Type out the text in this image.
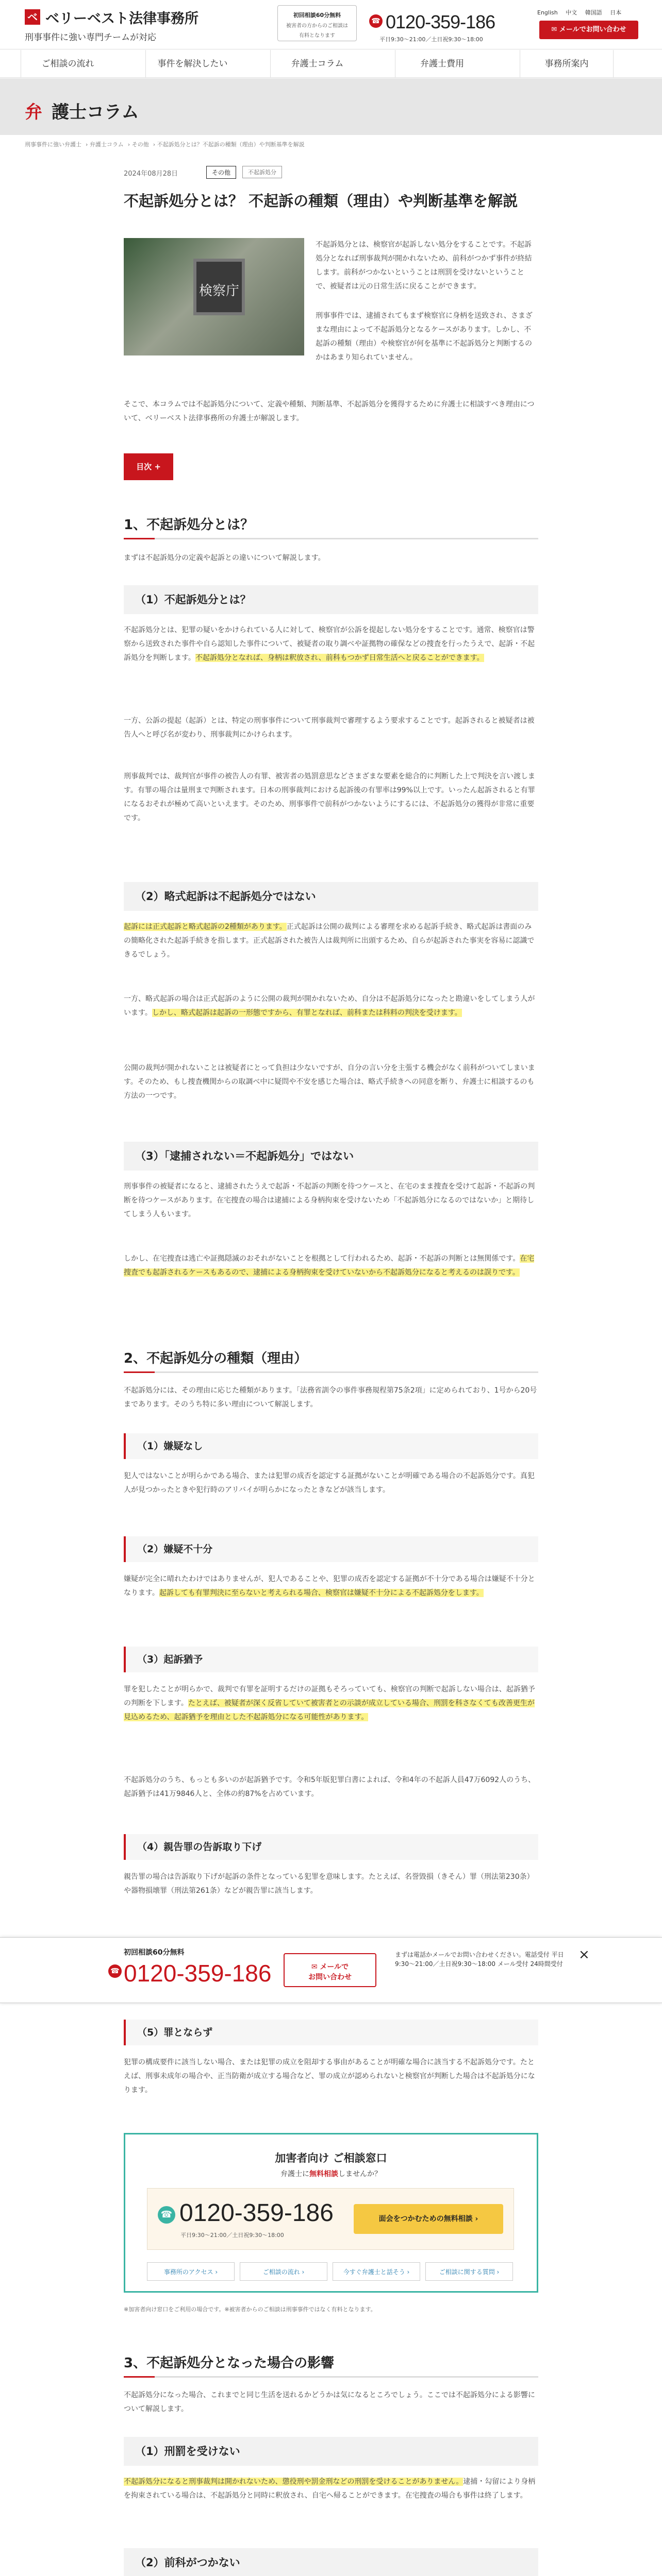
ベ ベリーベスト法律事務所
刑事事件に強い専門チームが対応
初回相談60分無料
被害者の方からのご相談は
有料となります
☎ 0120-359-186
平日9:30〜21:00／土日祝9:30〜18:00
English 中文 韓国語 日本
✉ メールでお問い合わせ
ご相談の流れ	事件を解決したい	弁護士コラム	弁護士費用	事務所案内
弁 護士コラム
刑事事件に強い弁護士 › 弁護士コラム › その他 › 不起訴処分とは？不起訴の種類（理由）や判断基準を解説
2024年08月28日	その他	不起訴処分
不起訴処分とは？ 不起訴の種類（理由）や判断基準を解説
検察庁
不起訴処分とは、検察官が起訴しない処分をすることです。不起訴処分となれば刑事裁判が開かれないため、前科がつかず事件が終結します。前科がつかないということは刑罰を受けないということで、被疑者は元の日常生活に戻ることができます。
刑事事件では、逮捕されてもまず検察官に身柄を送致され、さまざまな理由によって不起訴処分となるケースがあります。しかし、不起訴の種類（理由）や検察官が何を基準に不起訴処分と判断するのかはあまり知られていません。
そこで、本コラムでは不起訴処分について、定義や種類、判断基準、不起訴処分を獲得するために弁護士に相談すべき理由について、ベリーベスト法律事務所の弁護士が解説します。
目次 +
1、不起訴処分とは？
まずは不起訴処分の定義や起訴との違いについて解説します。
（1）不起訴処分とは？
不起訴処分とは、犯罪の疑いをかけられている人に対して、検察官が公訴を提起しない処分をすることです。通常、検察官は警察から送致された事件や自ら認知した事件について、被疑者の取り調べや証拠物の確保などの捜査を行ったうえで、起訴・不起訴処分を判断します。不起訴処分となれば、身柄は釈放され、前科もつかず日常生活へと戻ることができます。
一方、公訴の提起（起訴）とは、特定の刑事事件について刑事裁判で審理するよう要求することです。起訴されると被疑者は被告人へと呼び名が変わり、刑事裁判にかけられます。
刑事裁判では、裁判官が事件の被告人の有罪、被害者の処罰意思などさまざまな要素を総合的に判断した上で判決を言い渡します。有罪の場合は量刑まで判断されます。日本の刑事裁判における起訴後の有罪率は99%以上です。いったん起訴されると有罪になるおそれが極めて高いといえます。そのため、刑事事件で前科がつかないようにするには、不起訴処分の獲得が非常に重要です。
（2）略式起訴は不起訴処分ではない
起訴には正式起訴と略式起訴の2種類があります。正式起訴は公開の裁判による審理を求める起訴手続き、略式起訴は書面のみの簡略化された起訴手続きを指します。正式起訴された被告人は裁判所に出頭するため、自らが起訴された事実を容易に認識できるでしょう。
一方、略式起訴の場合は正式起訴のように公開の裁判が開かれないため、自分は不起訴処分になったと勘違いをしてしまう人がいます。しかし、略式起訴は起訴の一形態ですから、有罪となれば、前科または科料の判決を受けます。
公開の裁判が開かれないことは被疑者にとって負担は少ないですが、自分の言い分を主張する機会がなく前科がついてしまいます。そのため、もし捜査機関からの取調べ中に疑問や不安を感じた場合は、略式手続きへの同意を断り、弁護士に相談するのも方法の一つです。
（3）「逮捕されない＝不起訴処分」ではない
刑事事件の被疑者になると、逮捕されたうえで起訴・不起訴の判断を待つケースと、在宅のまま捜査を受けて起訴・不起訴の判断を待つケースがあります。在宅捜査の場合は逮捕による身柄拘束を受けないため「不起訴処分になるのではないか」と期待してしまう人もいます。
しかし、在宅捜査は逃亡や証拠隠滅のおそれがないことを根拠として行われるため、起訴・不起訴の判断とは無関係です。在宅捜査でも起訴されるケースもあるので、逮捕による身柄拘束を受けていないから不起訴処分になると考えるのは誤りです。
2、不起訴処分の種類（理由）
不起訴処分には、その理由に応じた種類があります。「法務省訓令の事件事務規程第75条2項」に定められており、1号から20号まであります。そのうち特に多い理由について解説します。
（1）嫌疑なし
犯人ではないことが明らかである場合、または犯罪の成否を認定する証拠がないことが明確である場合の不起訴処分です。真犯人が見つかったときや犯行時のアリバイが明らかになったときなどが該当します。
（2）嫌疑不十分
嫌疑が完全に晴れたわけではありませんが、犯人であることや、犯罪の成否を認定する証拠が不十分である場合は嫌疑不十分となります。起訴しても有罪判決に至らないと考えられる場合、検察官は嫌疑不十分による不起訴処分をします。
（3）起訴猶予
罪を犯したことが明らかで、裁判で有罪を証明するだけの証拠もそろっていても、検察官の判断で起訴しない場合は、起訴猶予の判断を下します。たとえば、被疑者が深く反省していて被害者との示談が成立している場合、刑罰を科さなくても改善更生が見込めるため、起訴猶予を理由とした不起訴処分になる可能性があります。
不起訴処分のうち、もっとも多いのが起訴猶予です。令和5年版犯罪白書によれば、令和4年の不起訴人員47万6092人のうち、起訴猶予は41万9846人と、全体の約87%を占めています。
（4）親告罪の告訴取り下げ
親告罪の場合は告訴取り下げが起訴の条件となっている犯罪を意味します。たとえば、名誉毀損（きそん）罪（刑法第230条）や器物損壊罪（刑法第261条）などが親告罪に該当します。
初回相談60分無料
☎ 0120-359-186	✉ メールで
お問い合わせ
まずは電話かメールでお問い合わせください。電話受付 平日9:30〜21:00／土日祝9:30〜18:00 メール受付 24時間受付
×
（5）罪とならず
犯罪の構成要件に該当しない場合、または犯罪の成立を阻却する事由があることが明確な場合に該当する不起訴処分です。たとえば、刑事未成年の場合や、正当防衛が成立する場合など、罪の成立が認められないと検察官が判断した場合は不起訴処分になります。
加害者向け ご相談窓口
弁護士に無料相談しませんか？
☎ 0120-359-186
平日9:30〜21:00／土日祝9:30〜18:00
面会をつかむための無料相談 ›
事務所のアクセス ›	ご相談の流れ ›	今すぐ弁護士と話そう ›	ご相談に関する質問 ›
※加害者向け窓口をご利用の場合です。※被害者からのご相談は刑事事件ではなく有料となります。
3、不起訴処分となった場合の影響
不起訴処分になった場合、これまでと同じ生活を送れるかどうかは気になるところでしょう。ここでは不起訴処分による影響について解説します。
（1）刑罰を受けない
不起訴処分になると刑事裁判は開かれないため、懲役刑や罰金刑などの刑罰を受けることがありません。逮捕・勾留により身柄を拘束されている場合は、不起訴処分と同時に釈放され、自宅へ帰ることができます。在宅捜査の場合も事件は終了します。
（2）前科がつかない
